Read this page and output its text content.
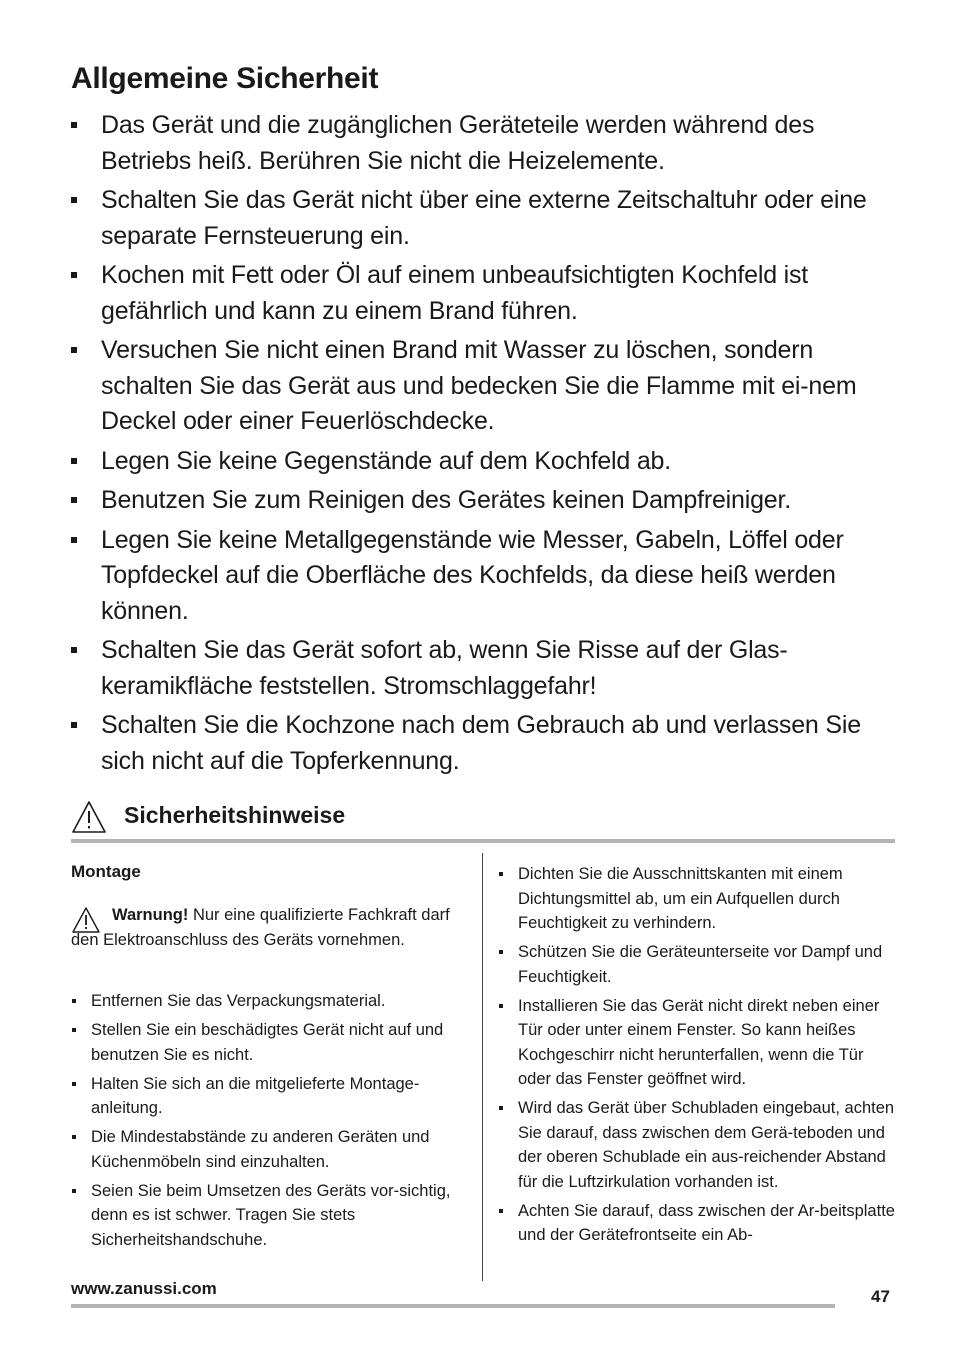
Allgemeine Sicherheit
Das Gerät und die zugänglichen Geräteteile werden während des Betriebs heiß. Berühren Sie nicht die Heizelemente.
Schalten Sie das Gerät nicht über eine externe Zeitschaltuhr oder eine separate Fernsteuerung ein.
Kochen mit Fett oder Öl auf einem unbeaufsichtigten Kochfeld ist gefährlich und kann zu einem Brand führen.
Versuchen Sie nicht einen Brand mit Wasser zu löschen, sondern schalten Sie das Gerät aus und bedecken Sie die Flamme mit ei-nem Deckel oder einer Feuerlöschdecke.
Legen Sie keine Gegenstände auf dem Kochfeld ab.
Benutzen Sie zum Reinigen des Gerätes keinen Dampfreiniger.
Legen Sie keine Metallgegenstände wie Messer, Gabeln, Löffel oder Topfdeckel auf die Oberfläche des Kochfelds, da diese heiß werden können.
Schalten Sie das Gerät sofort ab, wenn Sie Risse auf der Glas-keramikfläche feststellen. Stromschlaggefahr!
Schalten Sie die Kochzone nach dem Gebrauch ab und verlassen Sie sich nicht auf die Topferkennung.
Sicherheitshinweise
Montage
Warnung! Nur eine qualifizierte Fachkraft darf den Elektroanschluss des Geräts vornehmen.
Entfernen Sie das Verpackungsmaterial.
Stellen Sie ein beschädigtes Gerät nicht auf und benutzen Sie es nicht.
Halten Sie sich an die mitgelieferte Montage-anleitung.
Die Mindestabstände zu anderen Geräten und Küchenmöbeln sind einzuhalten.
Seien Sie beim Umsetzen des Geräts vor-sichtig, denn es ist schwer. Tragen Sie stets Sicherheitshandschuhe.
Dichten Sie die Ausschnittskanten mit einem Dichtungsmittel ab, um ein Aufquellen durch Feuchtigkeit zu verhindern.
Schützen Sie die Geräteunterseite vor Dampf und Feuchtigkeit.
Installieren Sie das Gerät nicht direkt neben einer Tür oder unter einem Fenster. So kann heißes Kochgeschirr nicht herunterfallen, wenn die Tür oder das Fenster geöffnet wird.
Wird das Gerät über Schubladen eingebaut, achten Sie darauf, dass zwischen dem Gerä-teboden und der oberen Schublade ein aus-reichender Abstand für die Luftzirkulation vorhanden ist.
Achten Sie darauf, dass zwischen der Ar-beitsplatte und der Gerätefrontseite ein Ab-
www.zanussi.com	47
